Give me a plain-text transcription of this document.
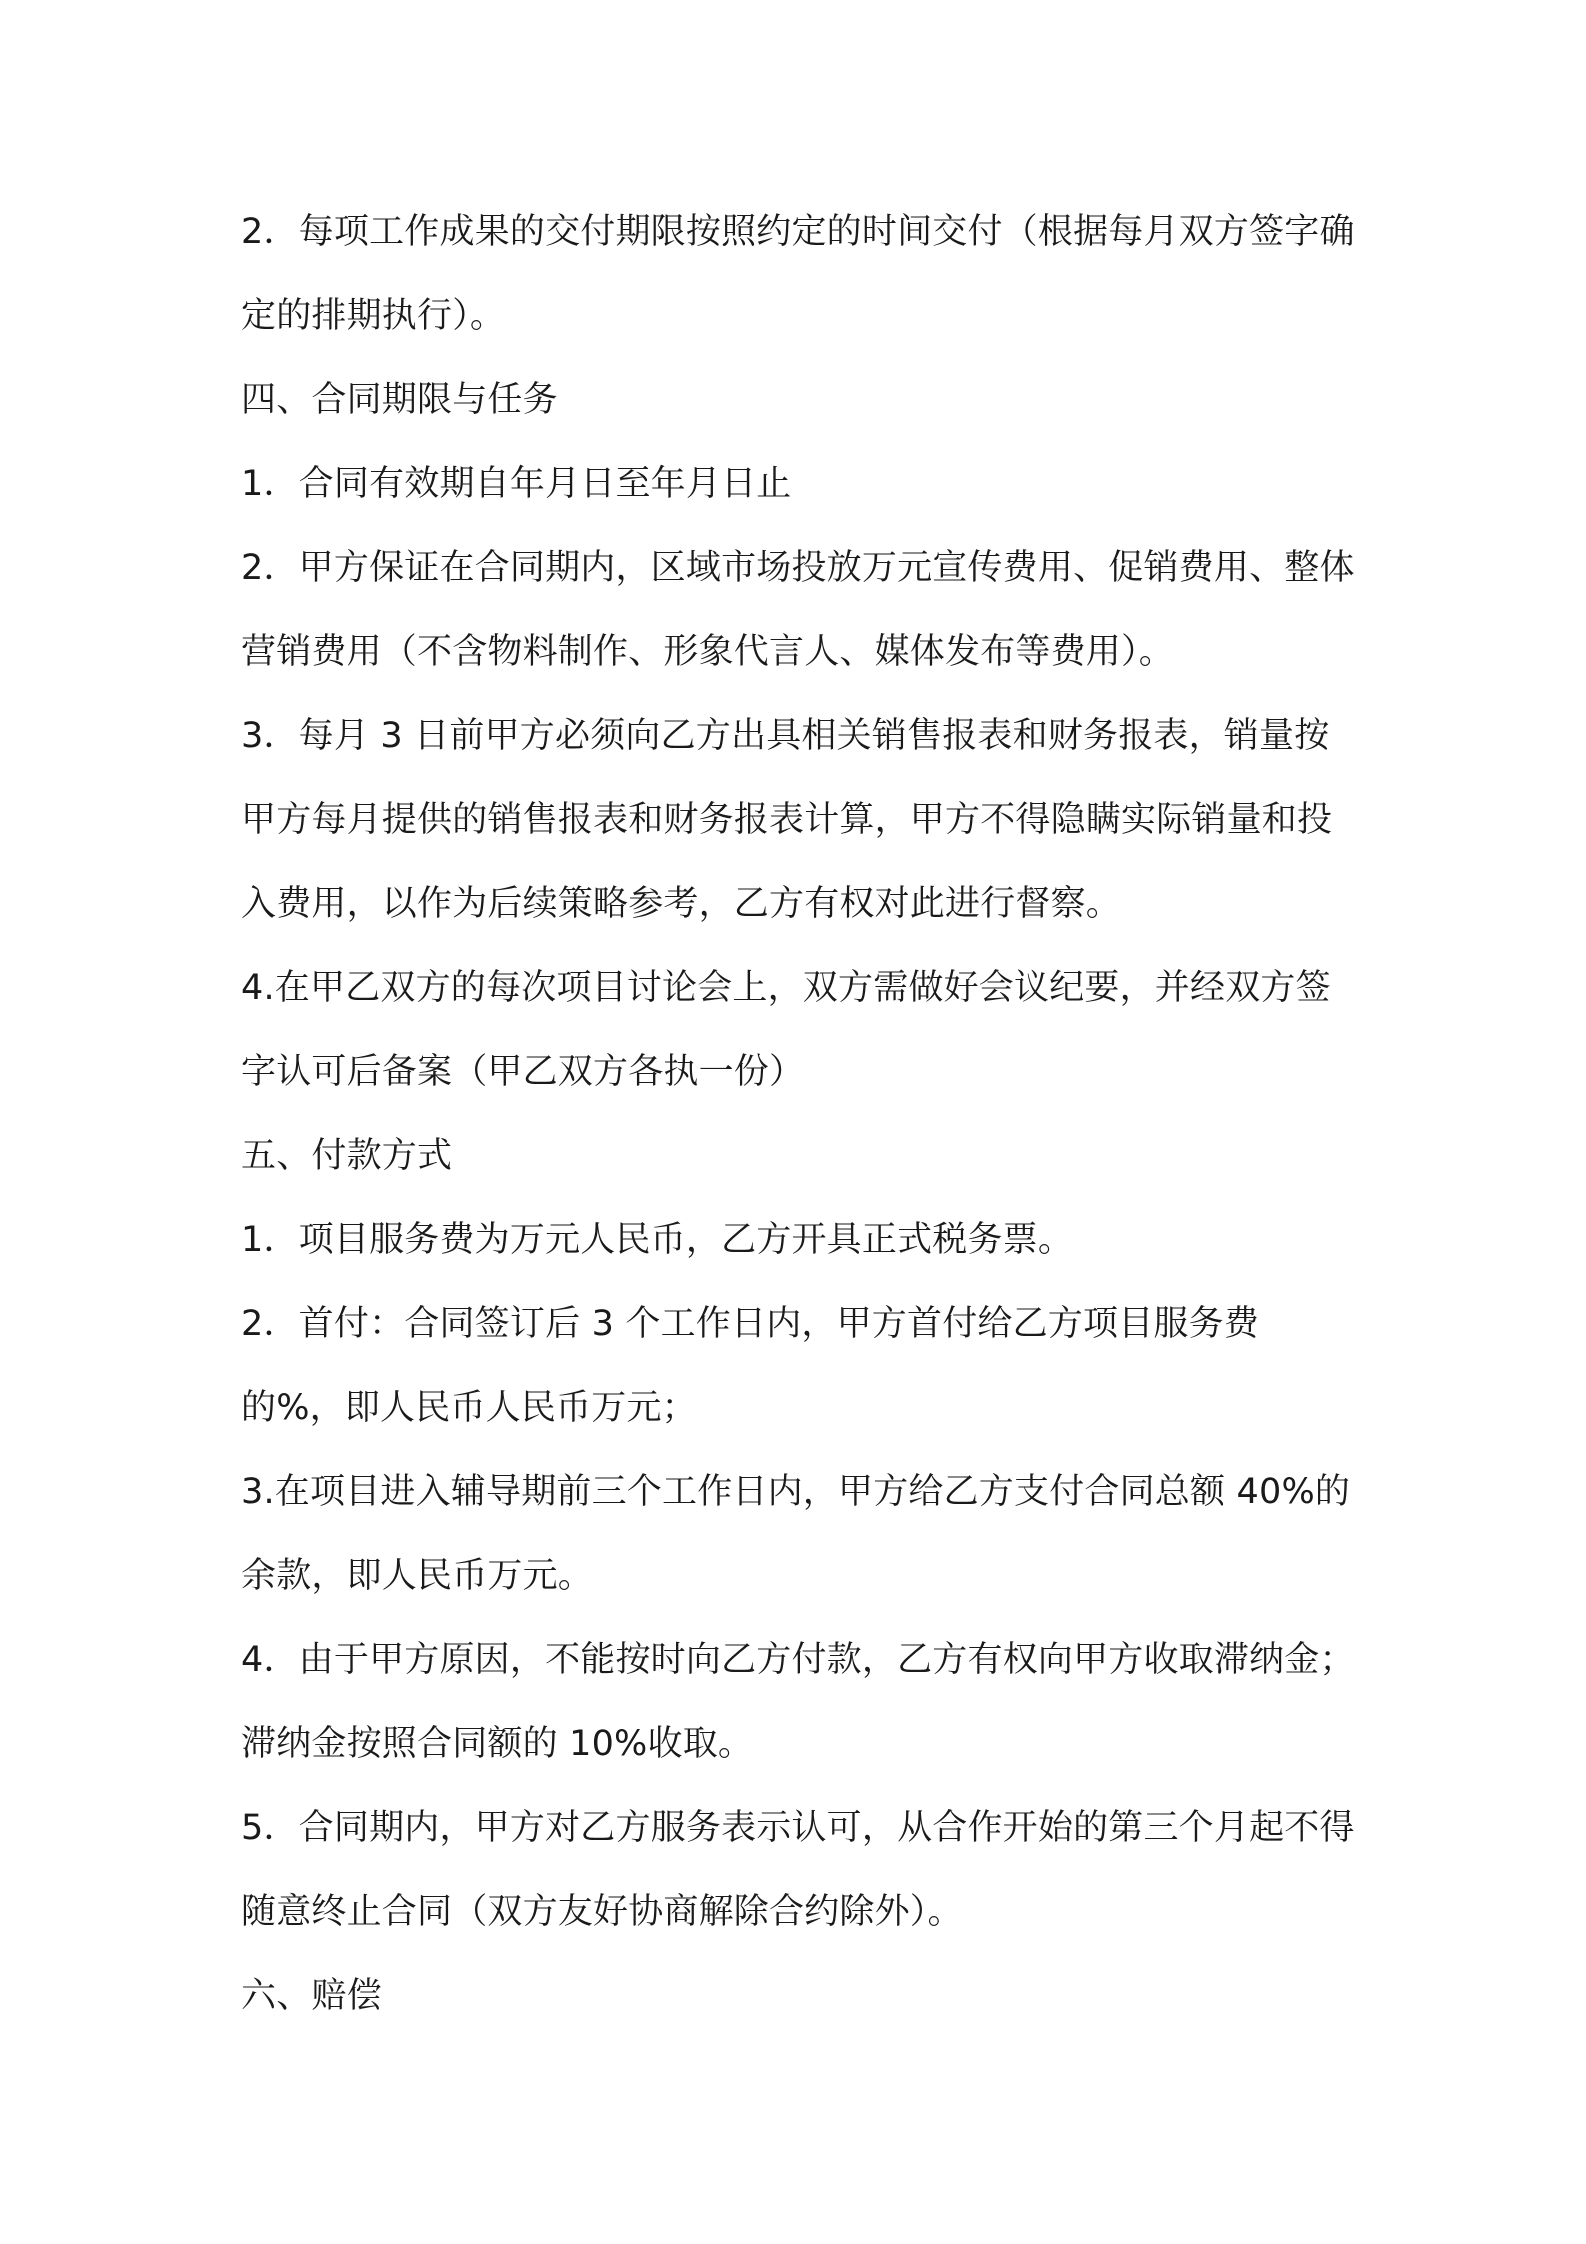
2．每项工作成果的交付期限按照约定的时间交付（根据每月双方签字确定的排期执行）。

四、合同期限与任务

1．合同有效期自年月日至年月日止

2．甲方保证在合同期内，区域市场投放万元宣传费用、促销费用、整体营销费用（不含物料制作、形象代言人、媒体发布等费用）。

3．每月 3 日前甲方必须向乙方出具相关销售报表和财务报表，销量按甲方每月提供的销售报表和财务报表计算，甲方不得隐瞒实际销量和投入费用，以作为后续策略参考，乙方有权对此进行督察。

4.在甲乙双方的每次项目讨论会上，双方需做好会议纪要，并经双方签字认可后备案（甲乙双方各执一份）

五、付款方式

1．项目服务费为万元人民币，乙方开具正式税务票。

2．首付：合同签订后 3 个工作日内，甲方首付给乙方项目服务费的%，即人民币人民币万元；

3.在项目进入辅导期前三个工作日内，甲方给乙方支付合同总额 40%的余款，即人民币万元。

4．由于甲方原因，不能按时向乙方付款，乙方有权向甲方收取滞纳金；滞纳金按照合同额的 10%收取。

5．合同期内，甲方对乙方服务表示认可，从合作开始的第三个月起不得随意终止合同（双方友好协商解除合约除外）。

六、赔偿
